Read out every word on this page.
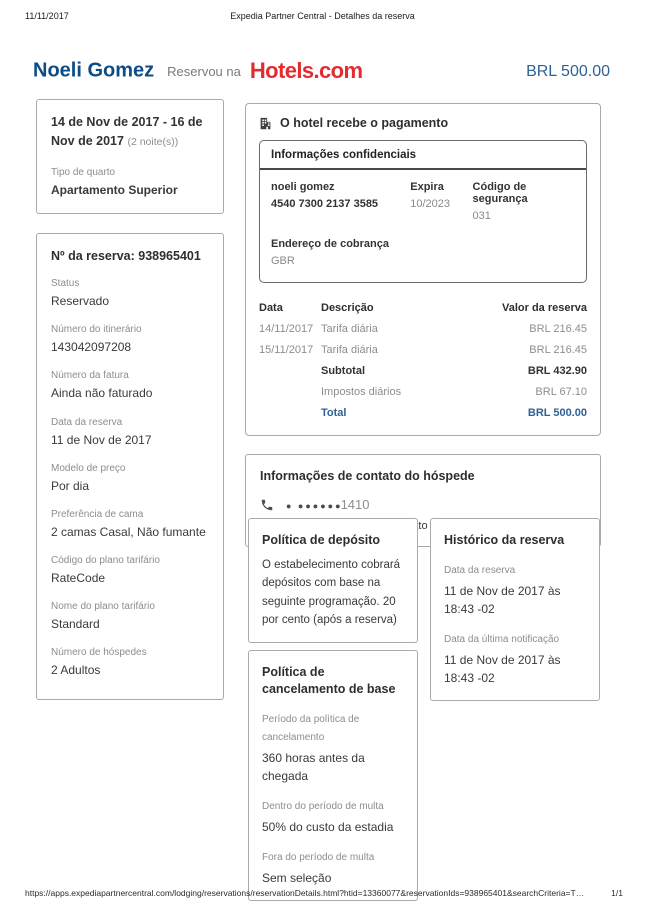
11/11/2017	Expedia Partner Central - Detalhes da reserva
Noeli Gomez Reservou na Hotels.com	BRL 500.00
14 de Nov de 2017 - 16 de Nov de 2017 (2 noite(s))
Tipo de quarto
Apartamento Superior
Nº da reserva: 938965401
Status
Reservado
Número do itinerário
143042097208
Número da fatura
Ainda não faturado
Data da reserva
11 de Nov de 2017
Modelo de preço
Por dia
Preferência de cama
2 camas Casal, Não fumante
Código do plano tarifário
RateCode
Nome do plano tarifário
Standard
Número de hóspedes
2 Adultos
O hotel recebe o pagamento
Informações confidenciais
noeli gomez
4540 7300 2137 3585
Expira
10/2023
Código de segurança
031
Endereço de cobrança
GBR
Data	Descrição	Valor da reserva
14/11/2017	Tarifa diária	BRL 216.45
15/11/2017	Tarifa diária	BRL 216.45
	Subtotal	BRL 432.90
	Impostos diários	BRL 67.10
	Total	BRL 500.00
Informações de contato do hóspede
● ●●●●●●1410
Política de depósito
O estabelecimento cobrará depósitos com base na seguinte programação. 20 por cento (após a reserva)
Histórico da reserva
Data da reserva
11 de Nov de 2017 às 18:43 -02
Data da última notificação
11 de Nov de 2017 às 18:43 -02
Política de cancelamento de base
Período da política de cancelamento
360 horas antes da chegada
Dentro do período de multa
50% do custo da estadia
Fora do período de multa
Sem seleção
https://apps.expediapartnercentral.com/lodging/reservations/reservationDetails.html?htid=13360077&reservationIds=938965401&searchCriteria=T…	1/1
